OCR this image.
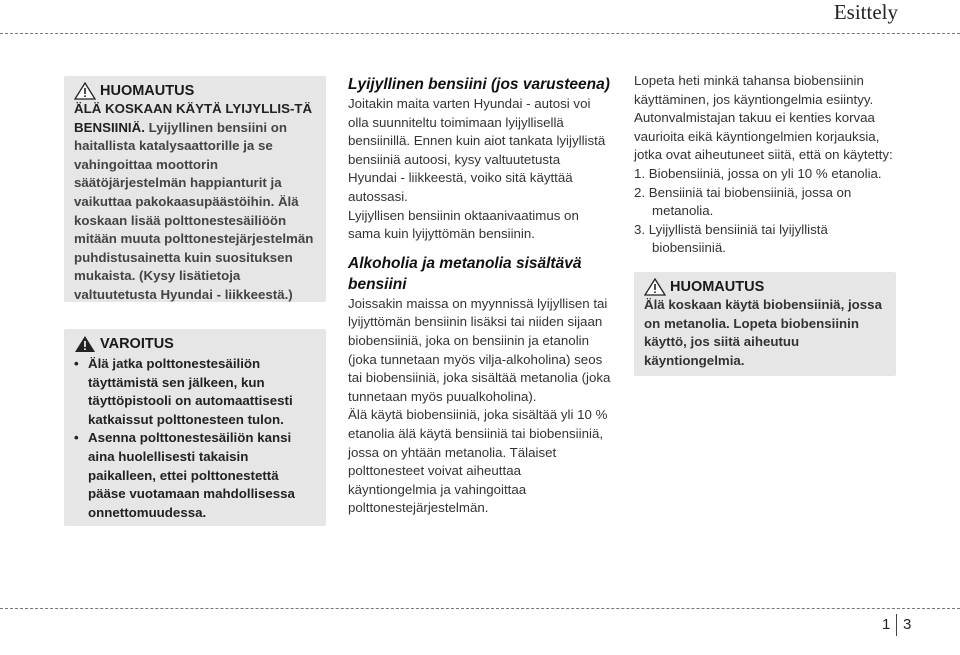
Esittely
HUOMAUTUS
ÄLÄ KOSKAAN KÄYTÄ LYIJYLLIS-TÄ BENSIINIÄ. Lyijyllinen bensiini on haitallista katalysaattorille ja se vahingoittaa moottorin säätöjärjestelmän happianturit ja vaikuttaa pakokaasupäästöihin. Älä koskaan lisää polttonestesäiliöön mitään muuta polttonestejärjestelmän puhdistusainetta kuin suosituksen mukaista. (Kysy lisätietoja valtuutetusta Hyundai - liikkeestä.)
VAROITUS
• Älä jatka polttonestesäiliön täyttämistä sen jälkeen, kun täyttöpistooli on automaattisesti katkaissut polttonesteen tulon.
• Asenna polttonestesäiliön kansi aina huolellisesti takaisin paikalleen, ettei polttonestettä pääse vuotamaan mahdollisessa onnettomuudessa.
Lyijyllinen bensiini (jos varusteena)
Joitakin maita varten Hyundai - autosi voi olla suunniteltu toimimaan lyijyllisellä bensiinillä. Ennen kuin aiot tankata lyijyllistä bensiiniä autoosi, kysy valtuutetusta Hyundai - liikkeestä, voiko sitä käyttää autossasi.
Lyijyllisen bensiinin oktaanivaatimus on sama kuin lyijyttömän bensiinin.
Alkoholia ja metanolia sisältävä bensiini
Joissakin maissa on myynnissä lyijyllisen tai lyijyttömän bensiinin lisäksi tai niiden sijaan biobensiiniä, joka on bensiinin ja etanolin (joka tunnetaan myös vilja-alkoholina) seos tai biobensiiniä, joka sisältää metanolia (joka tunnetaan myös puualkoholina).
Älä käytä biobensiiniä, joka sisältää yli 10 % etanolia älä käytä bensiiniä tai biobensiiniä, jossa on yhtään metanolia. Tälaiset polttonesteet voivat aiheuttaa käyntiongelmia ja vahingoittaa polttonestejärjestelmän.
Lopeta heti minkä tahansa biobensiinin käyttäminen, jos käyntiongelmia esiintyy. Autonvalmistajan takuu ei kenties korvaa vaurioita eikä käyntiongelmien korjauksia, jotka ovat aiheutuneet siitä, että on käytetty:
1. Biobensiiniä, jossa on yli 10 % etanolia.
2. Bensiiniä tai biobensiiniä, jossa on metanolia.
3. Lyijyllistä bensiiniä tai lyijyllistä biobensiiniä.
HUOMAUTUS
Älä koskaan käytä biobensiiniä, jossa on metanolia. Lopeta biobensiinin käyttö, jos siitä aiheutuu käyntiongelmia.
1 3
